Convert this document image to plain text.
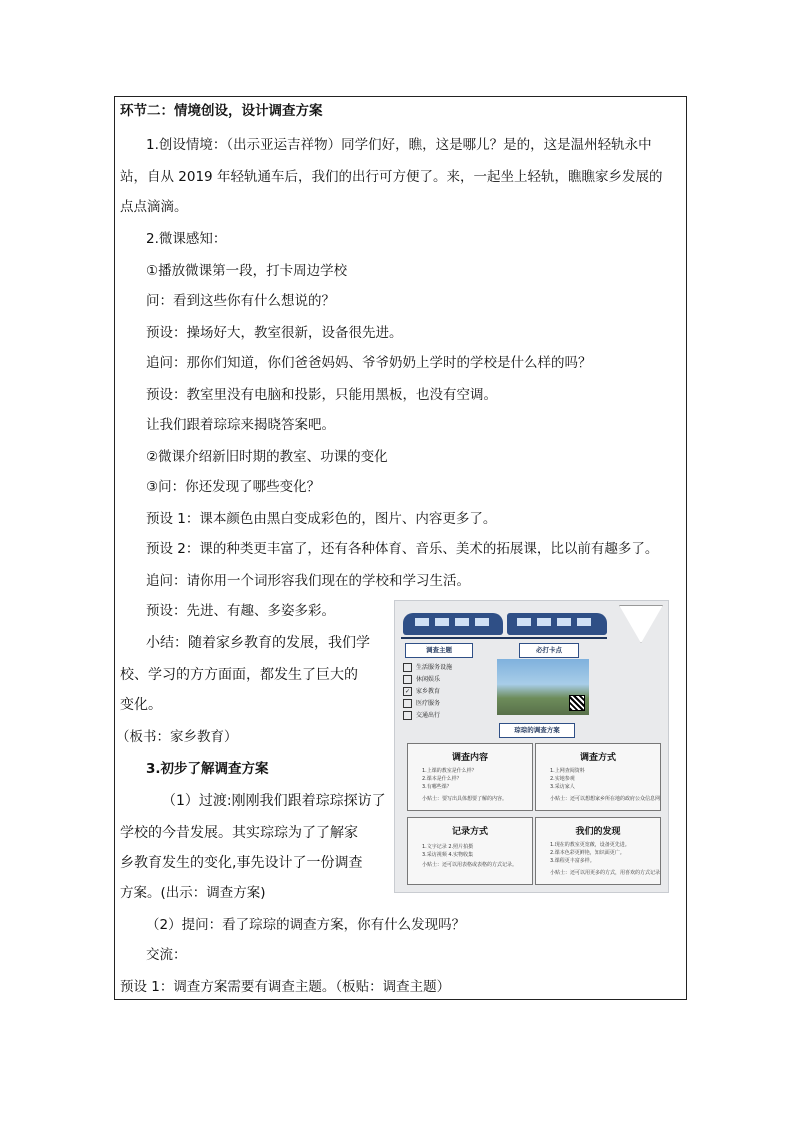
环节二：情境创设，设计调查方案
1.创设情境：（出示亚运吉祥物）同学们好，瞧，这是哪儿？是的，这是温州轻轨永中
站，自从 2019 年轻轨通车后，我们的出行可方便了。来，一起坐上轻轨，瞧瞧家乡发展的
点点滴滴。
2.微课感知：
①播放微课第一段，打卡周边学校
问：看到这些你有什么想说的？
预设：操场好大，教室很新，设备很先进。
追问：那你们知道，你们爸爸妈妈、爷爷奶奶上学时的学校是什么样的吗？
预设：教室里没有电脑和投影，只能用黑板，也没有空调。
让我们跟着琮琮来揭晓答案吧。
②微课介绍新旧时期的教室、功课的变化
③问：你还发现了哪些变化？
预设 1：课本颜色由黑白变成彩色的，图片、内容更多了。
预设 2：课的种类更丰富了，还有各种体育、音乐、美术的拓展课，比以前有趣多了。
追问：请你用一个词形容我们现在的学校和学习生活。
预设：先进、有趣、多姿多彩。
小结：随着家乡教育的发展，我们学
校、学习的方方面面，都发生了巨大的
变化。
（板书：家乡教育）
3.初步了解调查方案
（1）过渡:刚刚我们跟着琮琮探访了
学校的今昔发展。其实琮琮为了了解家
乡教育发生的变化,事先设计了一份调查
方案。(出示：调查方案)
（2）提问：看了琮琮的调查方案，你有什么发现吗？
交流：
预设 1：调查方案需要有调查主题。（板贴：调查主题）
调查主题	必打卡点
生活服务设施
休闲娱乐
✓ 家乡教育
医疗服务
交通出行
琮琮的调查方案
调查内容
1.上课的教室是什么样？
2.课本是什么样？
3.有哪些课？
小贴士：要写出具体想要了解的内容。
调查方式
1.上网查阅资料
2.实地参观
3.采访家人
小贴士：还可以想想家乡所在地的政府公众信息网
记录方式
1.文字记录 2.照片拍摄
3.采访视频 4.实物收集
小贴士：还可以用表格或表格的方式记录。
我们的发现
1.现在的教室更宽敞，设备更先进。
2.课本色彩更鲜艳，知识面更广。
3.课程更丰富多样。
小贴士：还可以用更多的方式，用喜欢的方式记录
